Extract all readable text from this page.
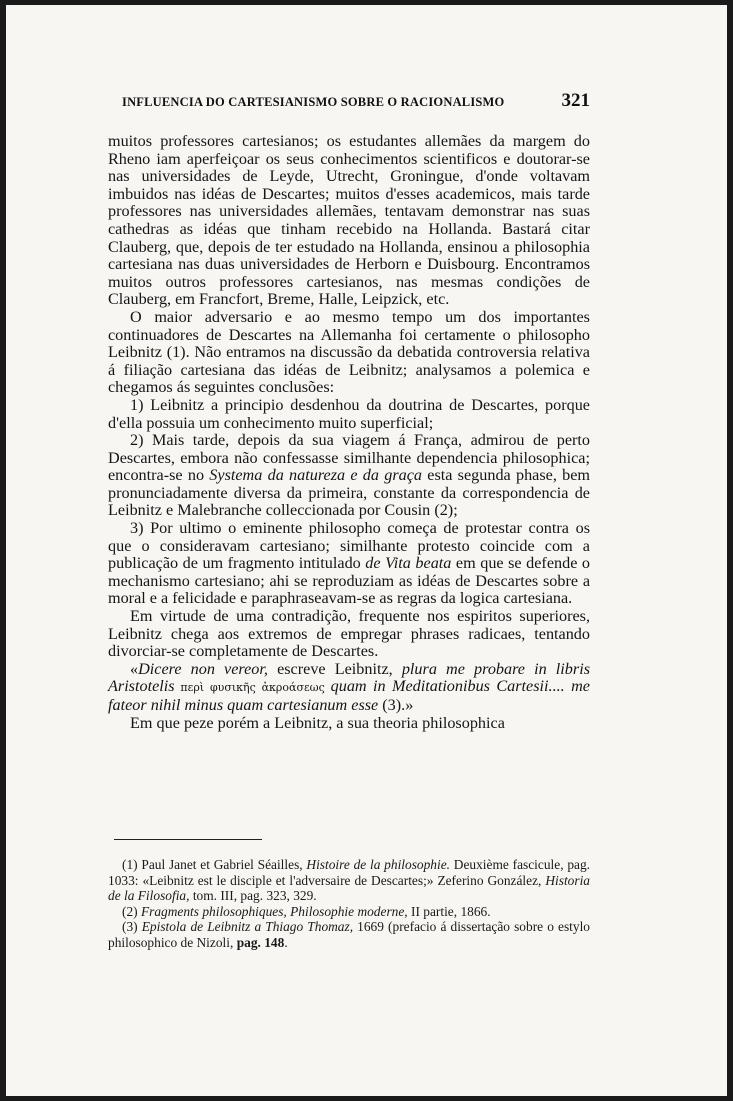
INFLUENCIA DO CARTESIANISMO SOBRE O RACIONALISMO	321

muitos professores cartesianos; os estudantes allemães da margem do Rheno iam aperfeiçoar os seus conhecimentos scientificos e doutorar-se nas universidades de Leyde, Utrecht, Groningue, d'onde voltavam imbuidos nas idéas de Descartes; muitos d'esses academicos, mais tarde professores nas universidades allemães, tentavam demonstrar nas suas cathedras as idéas que tinham recebido na Hollanda. Bastará citar Clauberg, que, depois de ter estudado na Hollanda, ensinou a philosophia cartesiana nas duas universidades de Herborn e Duisbourg. Encontramos muitos outros professores cartesianos, nas mesmas condições de Clauberg, em Francfort, Breme, Halle, Leipzick, etc.

O maior adversario e ao mesmo tempo um dos importantes continuadores de Descartes na Allemanha foi certamente o philosopho Leibnitz (1). Não entramos na discussão da debatida controversia relativa á filiação cartesiana das idéas de Leibnitz; analysamos a polemica e chegamos ás seguintes conclusões:

1) Leibnitz a principio desdenhou da doutrina de Descartes, porque d'ella possuia um conhecimento muito superficial;

2) Mais tarde, depois da sua viagem á França, admirou de perto Descartes, embora não confessasse similhante dependencia philosophica; encontra-se no Systema da natureza e da graça esta segunda phase, bem pronunciadamente diversa da primeira, constante da correspondencia de Leibnitz e Malebranche colleccionada por Cousin (2);

3) Por ultimo o eminente philosopho começa de protestar contra os que o consideravam cartesiano; similhante protesto coincide com a publicação de um fragmento intitulado de Vita beata em que se defende o mechanismo cartesiano; ahi se reproduziam as idéas de Descartes sobre a moral e a felicidade e paraphraseavam-se as regras da logica cartesiana.

Em virtude de uma contradição, frequente nos espiritos superiores, Leibnitz chega aos extremos de empregar phrases radicaes, tentando divorciar-se completamente de Descartes.

«Dicere non vereor, escreve Leibnitz, plura me probare in libris Aristotelis περὶ φυσικῆς ἀκροάσεως quam in Meditationibus Cartesii.... me fateor nihil minus quam cartesianum esse (3).»

Em que peze porém a Leibnitz, a sua theoria philosophica

(1) Paul Janet et Gabriel Séailles, Histoire de la philosophie. Deuxième fascicule, pag. 1033: «Leibnitz est le disciple et l'adversaire de Descartes;» Zeferino González, Historia de la Filosofia, tom. III, pag. 323, 329.

(2) Fragments philosophiques, Philosophie moderne, II partie, 1866.

(3) Epistola de Leibnitz a Thiago Thomaz, 1669 (prefacio á dissertação sobre o estylo philosophico de Nizoli, pag. 148.
